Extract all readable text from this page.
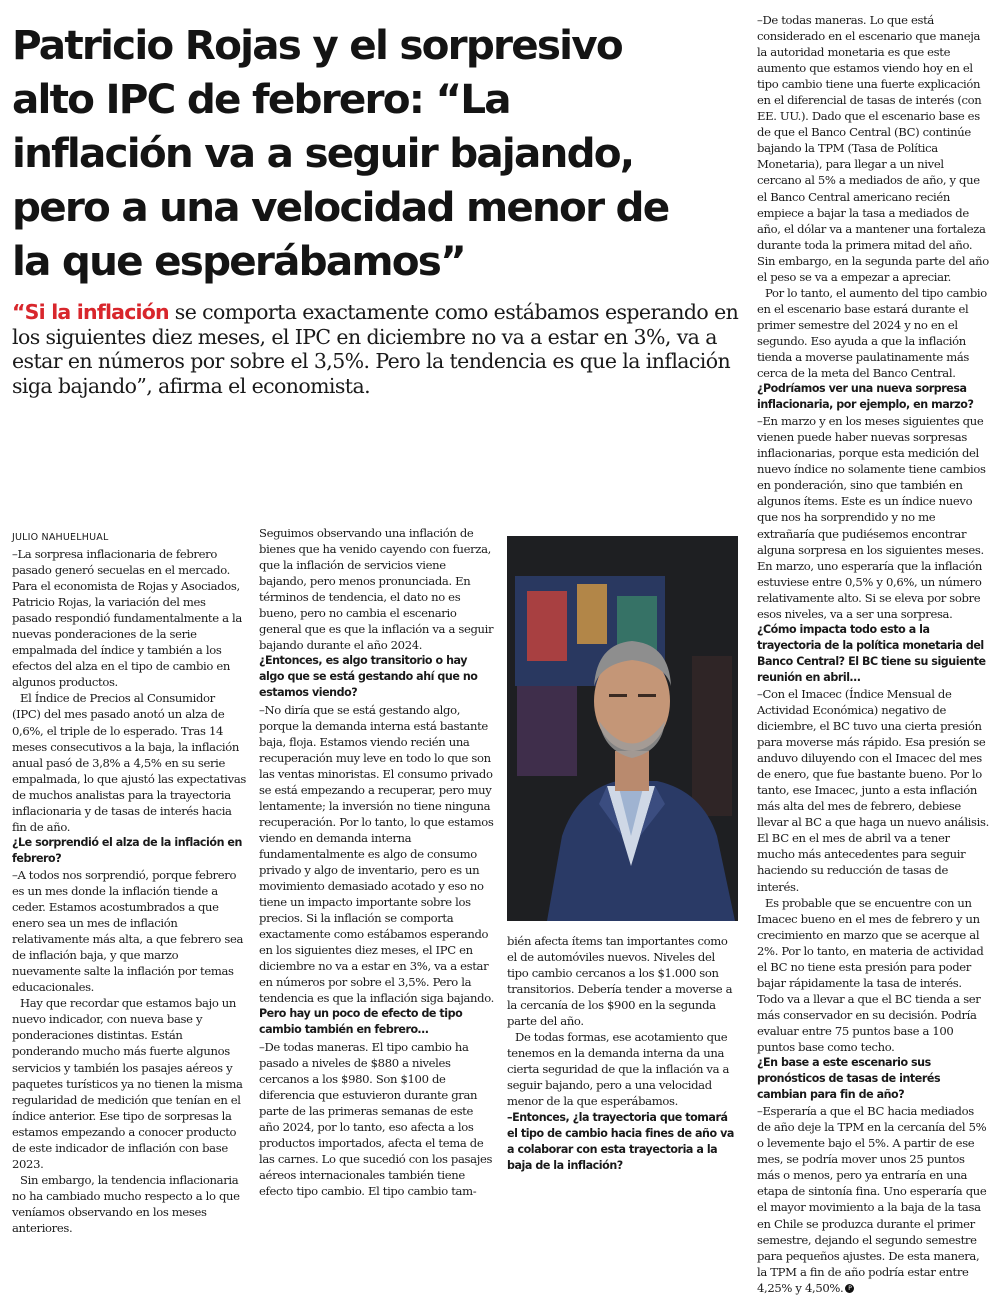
Patricio Rojas y el sorpresivo
alto IPC de febrero: “La
inflación va a seguir bajando,
pero a una velocidad menor de
la que esperábamos”
“Si la inflación se comporta exactamente como estábamos esperando en
los siguientes diez meses, el IPC en diciembre no va a estar en 3%, va a
estar en números por sobre el 3,5%. Pero la tendencia es que la inflación
siga bajando”, afirma el economista.

JULIO NAHUELHUAL

–La sorpresa inflacionaria de febrero pasado generó secuelas en el mercado. Para el economista de Rojas y Asociados, Patricio Rojas, la variación del mes pasado respondió fundamentalmente a la nuevas ponderaciones de la serie empalmada del índice y también a los efectos del alza en el tipo de cambio en algunos productos.

El Índice de Precios al Consumidor (IPC) del mes pasado anotó un alza de 0,6%, el triple de lo esperado. Tras 14 meses consecutivos a la baja, la inflación anual pasó de 3,8% a 4,5% en su serie empalmada, lo que ajustó las expectativas de muchos analistas para la trayectoria inflacionaria y de tasas de interés hacia fin de año.

¿Le sorprendió el alza de la inflación en febrero?

–A todos nos sorprendió, porque febrero es un mes donde la inflación tiende a ceder. Estamos acostumbrados a que enero sea un mes de inflación relativamente más alta, a que febrero sea de inflación baja, y que marzo nuevamente salte la inflación por temas educacionales.

Hay que recordar que estamos bajo un nuevo indicador, con nueva base y ponderaciones distintas. Están ponderando mucho más fuerte algunos servicios y también los pasajes aéreos y paquetes turísticos ya no tienen la misma regularidad de medición que tenían en el índice anterior. Ese tipo de sorpresas la estamos empezando a conocer producto de este indicador de inflación con base 2023.

Sin embargo, la tendencia inflacionaria no ha cambiado mucho respecto a lo que veníamos observando en los meses anteriores.

Seguimos observando una inflación de bienes que ha venido cayendo con fuerza, que la inflación de servicios viene bajando, pero menos pronunciada. En términos de tendencia, el dato no es bueno, pero no cambia el escenario general que es que la inflación va a seguir bajando durante el año 2024.

¿Entonces, es algo transitorio o hay algo que se está gestando ahí que no estamos viendo?

–No diría que se está gestando algo, porque la demanda interna está bastante baja, floja. Estamos viendo recién una recuperación muy leve en todo lo que son las ventas minoristas. El consumo privado se está empezando a recuperar, pero muy lentamente; la inversión no tiene ninguna recuperación. Por lo tanto, lo que estamos viendo en demanda interna fundamentalmente es algo de consumo privado y algo de inventario, pero es un movimiento demasiado acotado y eso no tiene un impacto importante sobre los precios. Si la inflación se comporta exactamente como estábamos esperando en los siguientes diez meses, el IPC en diciembre no va a estar en 3%, va a estar en números por sobre el 3,5%. Pero la tendencia es que la inflación siga bajando.

Pero hay un poco de efecto de tipo cambio también en febrero…

–De todas maneras. El tipo cambio ha pasado a niveles de $880 a niveles cercanos a los $980. Son $100 de diferencia que estuvieron durante gran parte de las primeras semanas de este año 2024, por lo tanto, eso afecta a los productos importados, afecta el tema de las carnes. Lo que sucedió con los pasajes aéreos internacionales también tiene efecto tipo cambio. El tipo cambio tam-

bién afecta ítems tan importantes como el de automóviles nuevos. Niveles del tipo cambio cercanos a los $1.000 son transitorios. Debería tender a moverse a la cercanía de los $900 en la segunda parte del año.

De todas formas, ese acotamiento que tenemos en la demanda interna da una cierta seguridad de que la inflación va a seguir bajando, pero a una velocidad menor de la que esperábamos.

–Entonces, ¿la trayectoria que tomará el tipo de cambio hacia fines de año va a colaborar con esta trayectoria a la baja de la inflación?

–De todas maneras. Lo que está considerado en el escenario que maneja la autoridad monetaria es que este aumento que estamos viendo hoy en el tipo cambio tiene una fuerte explicación en el diferencial de tasas de interés (con EE. UU.). Dado que el escenario base es de que el Banco Central (BC) continúe bajando la TPM (Tasa de Política Monetaria), para llegar a un nivel cercano al 5% a mediados de año, y que el Banco Central americano recién empiece a bajar la tasa a mediados de año, el dólar va a mantener una fortaleza durante toda la primera mitad del año. Sin embargo, en la segunda parte del año el peso se va a empezar a apreciar.

Por lo tanto, el aumento del tipo cambio en el escenario base estará durante el primer semestre del 2024 y no en el segundo. Eso ayuda a que la inflación tienda a moverse paulatinamente más cerca de la meta del Banco Central.

¿Podríamos ver una nueva sorpresa inflacionaria, por ejemplo, en marzo?

–En marzo y en los meses siguientes que vienen puede haber nuevas sorpresas inflacionarias, porque esta medición del nuevo índice no solamente tiene cambios en ponderación, sino que también en algunos ítems. Este es un índice nuevo que nos ha sorprendido y no me extrañaría que pudiésemos encontrar alguna sorpresa en los siguientes meses. En marzo, uno esperaría que la inflación estuviese entre 0,5% y 0,6%, un número relativamente alto. Si se eleva por sobre esos niveles, va a ser una sorpresa.

¿Cómo impacta todo esto a la trayectoria de la política monetaria del Banco Central? El BC tiene su siguiente reunión en abril…

–Con el Imacec (Índice Mensual de Actividad Económica) negativo de diciembre, el BC tuvo una cierta presión para moverse más rápido. Esa presión se anduvo diluyendo con el Imacec del mes de enero, que fue bastante bueno. Por lo tanto, ese Imacec, junto a esta inflación más alta del mes de febrero, debiese llevar al BC a que haga un nuevo análisis. El BC en el mes de abril va a tener mucho más antecedentes para seguir haciendo su reducción de tasas de interés.

Es probable que se encuentre con un Imacec bueno en el mes de febrero y un crecimiento en marzo que se acerque al 2%. Por lo tanto, en materia de actividad el BC no tiene esta presión para poder bajar rápidamente la tasa de interés. Todo va a llevar a que el BC tienda a ser más conservador en su decisión. Podría evaluar entre 75 puntos base a 100 puntos base como techo.

¿En base a este escenario sus pronósticos de tasas de interés cambian para fin de año?

–Esperaría a que el BC hacia mediados de año deje la TPM en la cercanía del 5% o levemente bajo el 5%. A partir de ese mes, se podría mover unos 25 puntos más o menos, pero ya entraría en una etapa de sintonía fina. Uno esperaría que el mayor movimiento a la baja de la tasa en Chile se produzca durante el primer semestre, dejando el segundo semestre para pequeños ajustes. De esta manera, la TPM a fin de año podría estar entre 4,25% y 4,50%. P
